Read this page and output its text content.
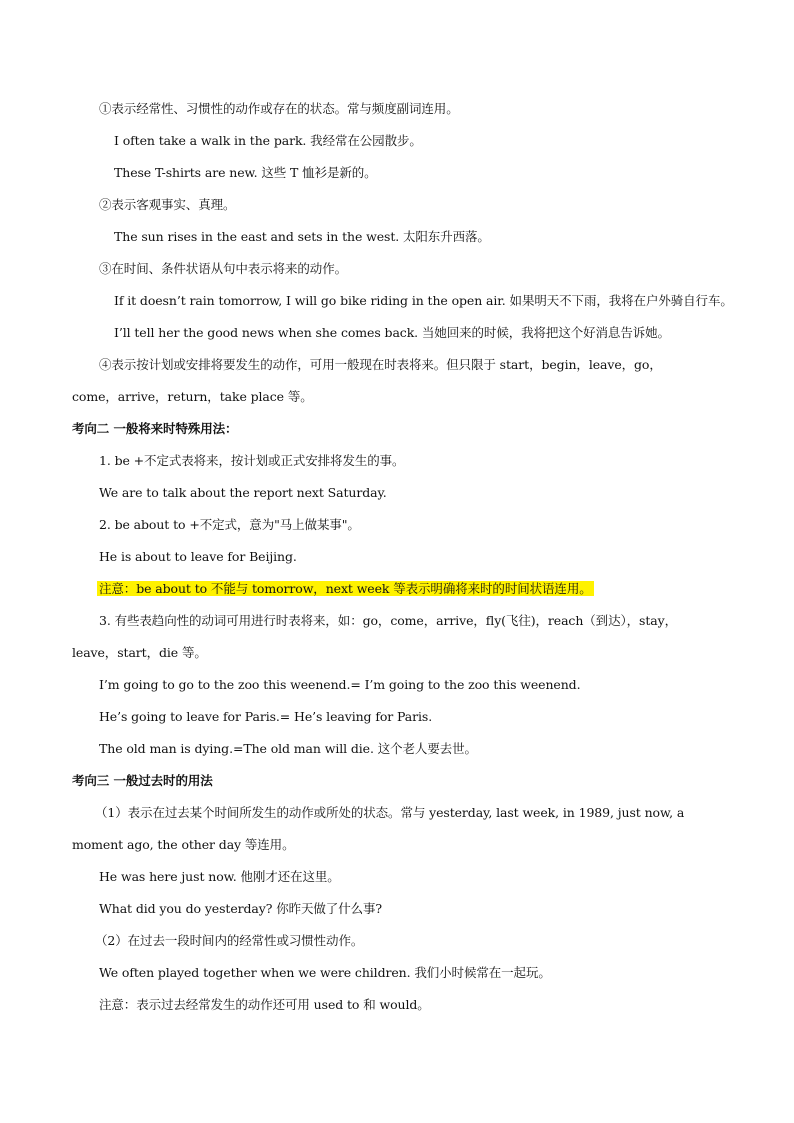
①表示经常性、习惯性的动作或存在的状态。常与频度副词连用。
I often take a walk in the park. 我经常在公园散步。
These T-shirts are new. 这些 T 恤衫是新的。
②表示客观事实、真理。
The sun rises in the east and sets in the west. 太阳东升西落。
③在时间、条件状语从句中表示将来的动作。
If it doesn’t rain tomorrow, I will go bike riding in the open air. 如果明天不下雨，我将在户外骑自行车。
I’ll tell her the good news when she comes back. 当她回来的时候，我将把这个好消息告诉她。
④表示按计划或安排将要发生的动作，可用一般现在时表将来。但只限于 start，begin，leave，go，
come，arrive，return，take place 等。
考向二 一般将来时特殊用法：
1. be +不定式表将来，按计划或正式安排将发生的事。
We are to talk about the report next Saturday.
2. be about to +不定式，意为"马上做某事"。
He is about to leave for Beijing.
注意：be about to 不能与 tomorrow，next week 等表示明确将来时的时间状语连用。
3. 有些表趋向性的动词可用进行时表将来，如：go，come，arrive，fly(飞往)，reach（到达），stay，
leave，start，die 等。
I’m going to go to the zoo this weenend.= I’m going to the zoo this weenend.
He’s going to leave for Paris.= He’s leaving for Paris.
The old man is dying.=The old man will die. 这个老人要去世。
考向三 一般过去时的用法
（1）表示在过去某个时间所发生的动作或所处的状态。常与 yesterday, last week, in 1989, just now, a
moment ago, the other day 等连用。
He was here just now. 他刚才还在这里。
What did you do yesterday? 你昨天做了什么事?
（2）在过去一段时间内的经常性或习惯性动作。
We often played together when we were children. 我们小时候常在一起玩。
注意：表示过去经常发生的动作还可用 used to 和 would。
